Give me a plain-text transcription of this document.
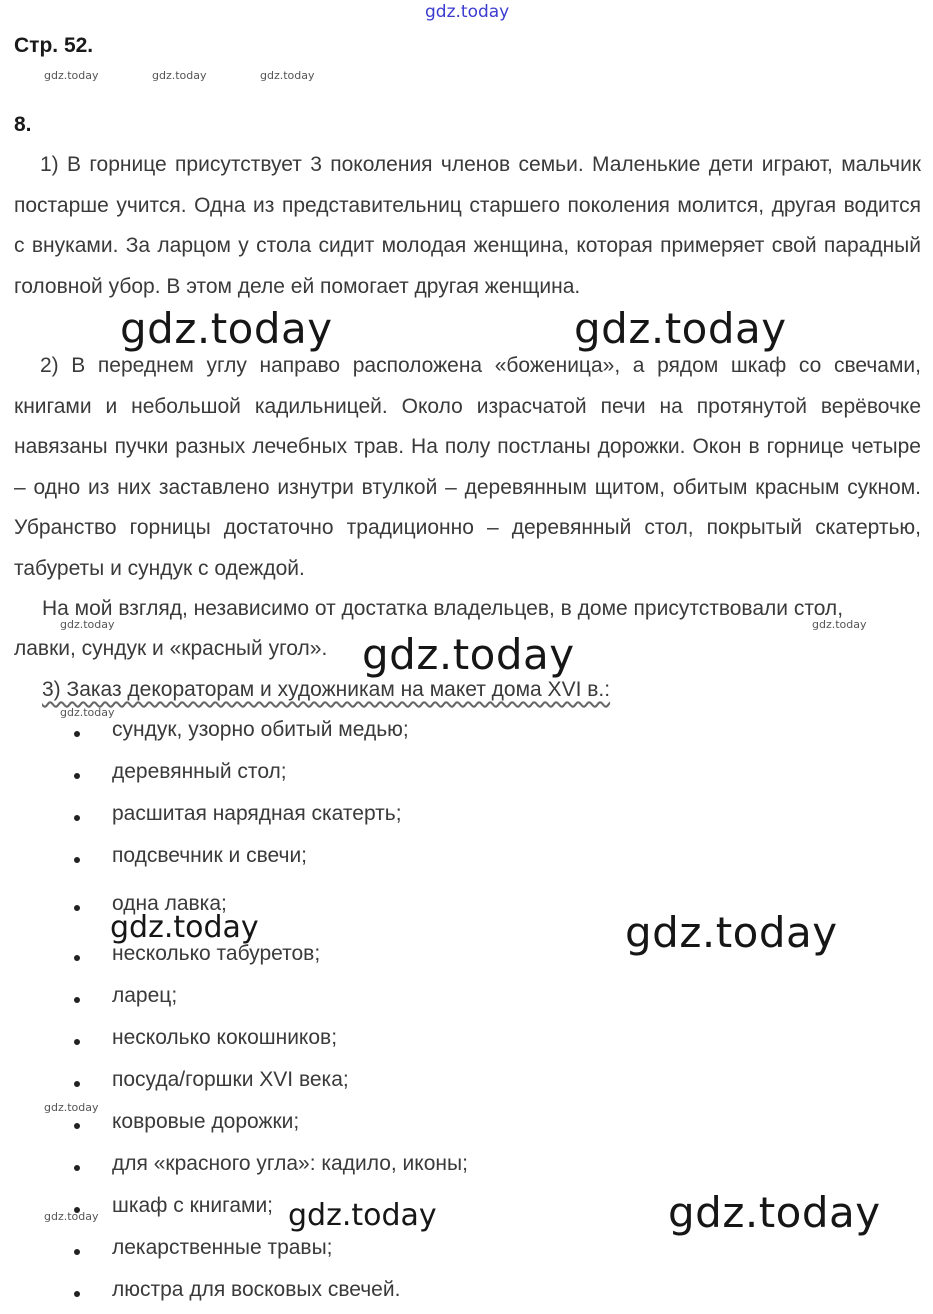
gdz.today
gdz.today	gdz.today	gdz.today
Стр. 52.
8.
1) В горнице присутствует 3 поколения членов семьи. Маленькие дети играют, мальчик постарше учится. Одна из представительниц старшего поколения молится, другая водится с внуками. За ларцом у стола сидит молодая женщина, которая примеряет свой парадный головной убор. В этом деле ей помогает другая женщина.
gdz.today	gdz.today
2) В переднем углу направо расположена «боженица», а рядом шкаф со свечами, книгами и небольшой кадильницей. Около израсчатой печи на протянутой верёвочке навязаны пучки разных лечебных трав. На полу постланы дорожки. Окон в горнице четыре – одно из них заставлено изнутри втулкой – деревянным щитом, обитым красным сукном. Убранство горницы достаточно традиционно – деревянный стол, покрытый скатертью, табуреты и сундук с одеждой.
На мой взгляд, независимо от достатка владельцев, в доме присутствовали стол,
gdz.today	gdz.today
лавки, сундук и «красный угол». gdz.today
3) Заказ декораторам и художникам на макет дома XVI в.:
gdz.today
сундук, узорно обитый медью;
деревянный стол;
расшитая нарядная скатерть;
подсвечник и свечи;
одна лавка;
несколько табуретов;
ларец;
несколько кокошников;
посуда/горшки XVI века;
ковровые дорожки;
для «красного угла»: кадило, иконы;
шкаф с книгами;
лекарственные травы;
люстра для восковых свечей.
gdz.today	gdz.today
gdz.today
gdz.today	gdz.today	gdz.today
